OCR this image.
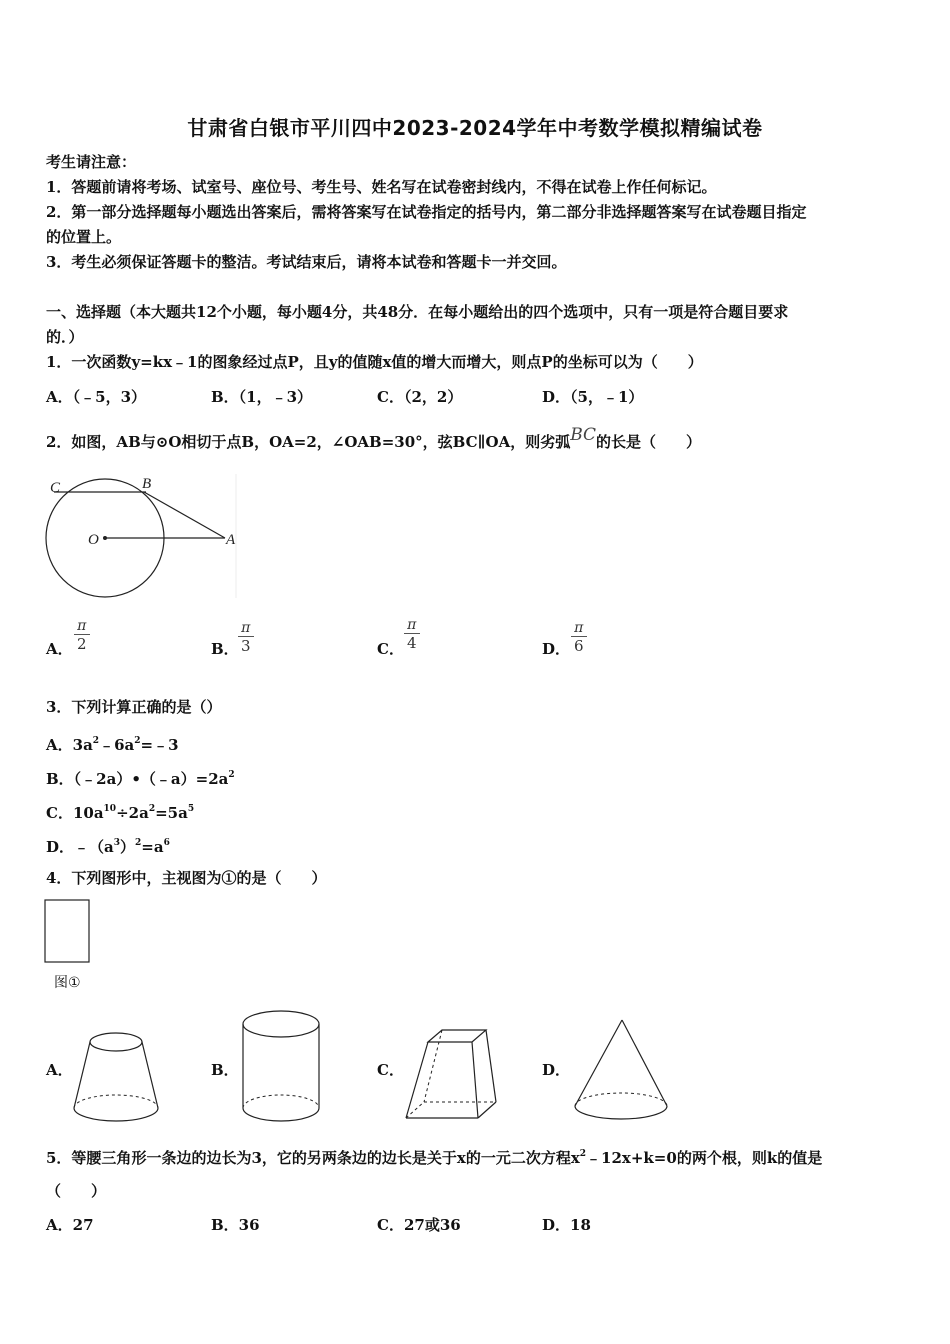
甘肃省白银市平川四中2023-2024学年中考数学模拟精编试卷
考生请注意：
1．答题前请将考场、试室号、座位号、考生号、姓名写在试卷密封线内，不得在试卷上作任何标记。
2．第一部分选择题每小题选出答案后，需将答案写在试卷指定的括号内，第二部分非选择题答案写在试卷题目指定
的位置上。
3．考生必须保证答题卡的整洁。考试结束后，请将本试卷和答题卡一并交回。
一、选择题（本大题共12个小题，每小题4分，共48分．在每小题给出的四个选项中，只有一项是符合题目要求
的．）
1．一次函数y=kx﹣1的图象经过点P，且y的值随x值的增大而增大，则点P的坐标可以为（　　）
A．（﹣5，3）	B．（1，﹣3）	C．（2，2）	D．（5，﹣1）
2．如图，AB与⊙O相切于点B，OA=2，∠OAB=30°，弦BC∥OA，则劣弧BC的长是（　　）
C	B
O	A
A． $\frac{\pi}{2}$	B． $\frac{\pi}{3}$	C． $\frac{\pi}{4}$	D． $\frac{\pi}{6}$
3．下列计算正确的是（）
A．$3a^2﹣6a^2=﹣3$
B．$(﹣2a)•(﹣a)=2a^2$
C．$10a^{10}\div 2a^2=5a^5$
D．$﹣(a^3)^2=a^6$
4．下列图形中，主视图为①的是（　　）
图①
A．	B．	C．	D．
5．等腰三角形一条边的边长为3，它的另两条边的边长是关于x的一元二次方程$x^2﹣12x+k=0$的两个根，则k的值是
（　　）
A．27	B．36	C．27或36	D．18
